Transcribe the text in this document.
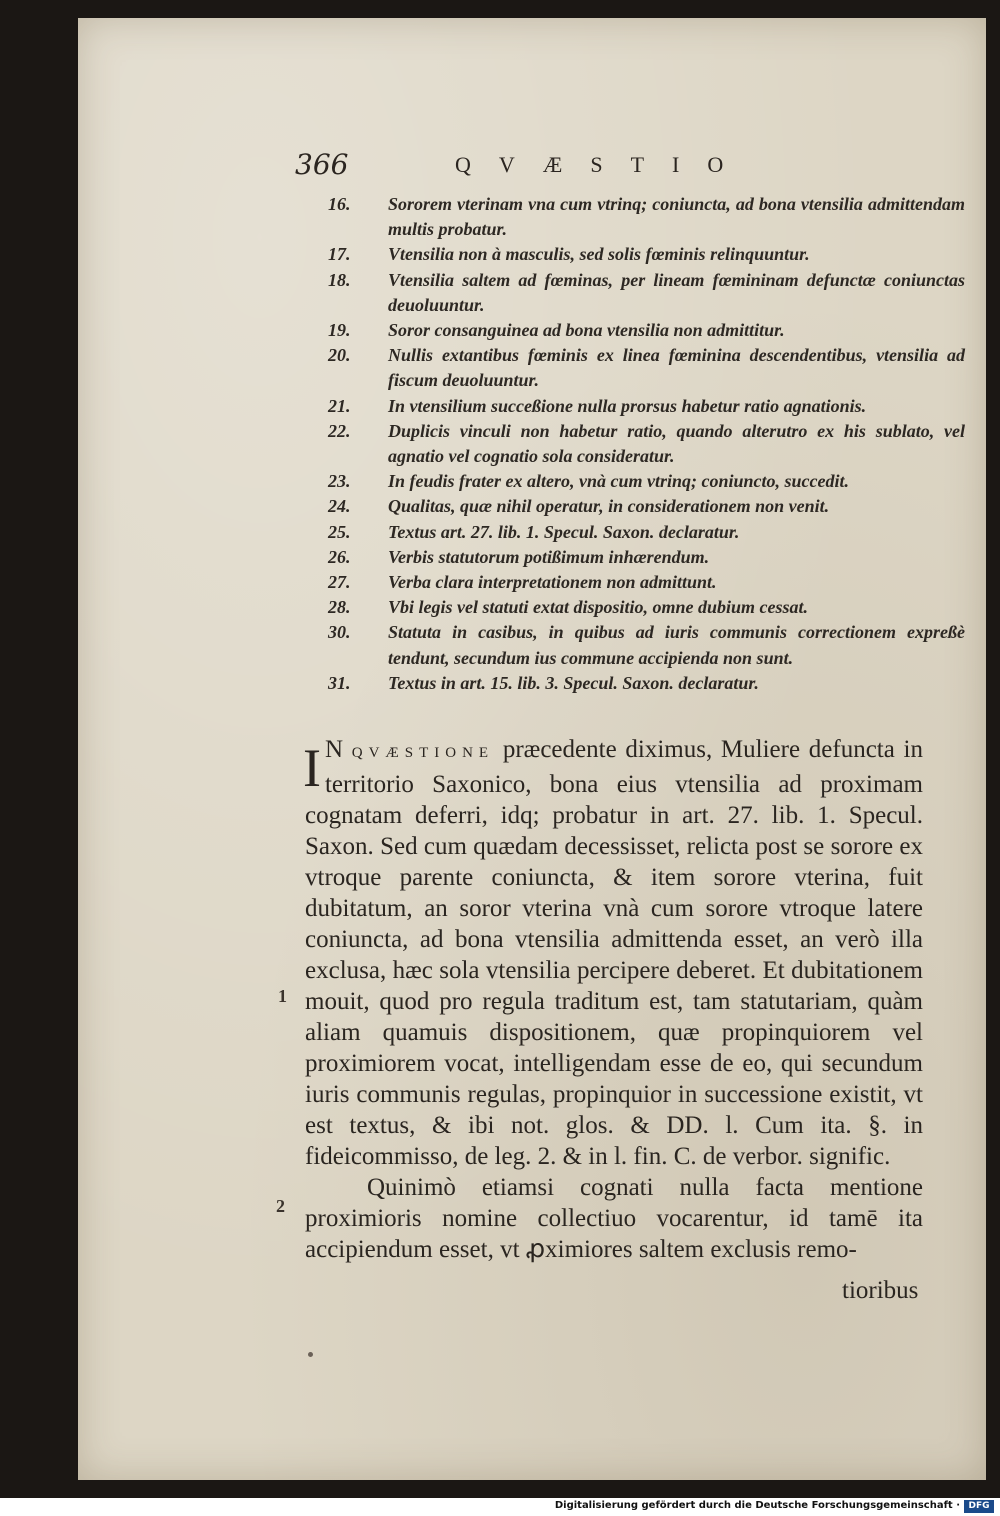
366	QVÆSTIO
16. Sororem vterinam vna cum vtrinq; coniuncta, ad bona vtensilia admittendam multis probatur.
17. Vtensilia non à masculis, sed solis fœminis relinquuntur.
18. Vtensilia saltem ad fœminas, per lineam fœmininam defunctæ coniunctas deuoluuntur.
19. Soror consanguinea ad bona vtensilia non admittitur.
20. Nullis extantibus fœminis ex linea fœminina descendentibus, vtensilia ad fiscum deuoluuntur.
21. In vtensilium succeßione nulla prorsus habetur ratio agnationis.
22. Duplicis vinculi non habetur ratio, quando alterutro ex his sublato, vel agnatio vel cognatio sola consideratur.
23. In feudis frater ex altero, vnà cum vtrinq; coniuncto, succedit.
24. Qualitas, quæ nihil operatur, in considerationem non venit.
25. Textus art. 27. lib. 1. Specul. Saxon. declaratur.
26. Verbis statutorum potißimum inhærendum.
27. Verba clara interpretationem non admittunt.
28. Vbi legis vel statuti extat dispositio, omne dubium cessat.
30. Statuta in casibus, in quibus ad iuris communis correctionem expreßè tendunt, secundum ius commune accipienda non sunt.
31. Textus in art. 15. lib. 3. Specul. Saxon. declaratur.

I N QVÆSTIONE præcedente diximus, Muliere defuncta in territorio Saxonico, bona eius vtensilia ad proximam cognatam deferri, idq; probatur in art. 27. lib. 1. Specul. Saxon. Sed cum quædam decessisset, relicta post se sorore ex vtroque parente coniuncta, & item sorore vterina, fuit dubitatum, an soror vterina vnà cum sorore vtroque latere coniuncta, ad bona vtensilia admittenda esset, an verò illa exclusa, hæc sola vtensilia percipere deberet. Et dubitationem mouit, quod pro regula traditum est, tam statutariam, quàm aliam quamuis dispositionem, quæ propinquiorem vel proximiorem vocat, intelligendam esse de eo, qui secundum iuris communis regulas, propinquior in successione existit, vt est textus, & ibi not. glos. & DD. l. Cum ita. §. in fideicommisso, de leg. 2. & in l. fin. C. de verbor. signific.

Quinimò etiamsi cognati nulla facta mentione proximioris nomine collectiuo vocarentur, id tamē ita accipiendum esset, vt ꝓximiores saltem exclusis remo-

1
2
tioribus
Digitalisierung gefördert durch die Deutsche Forschungsgemeinschaft · DFG
